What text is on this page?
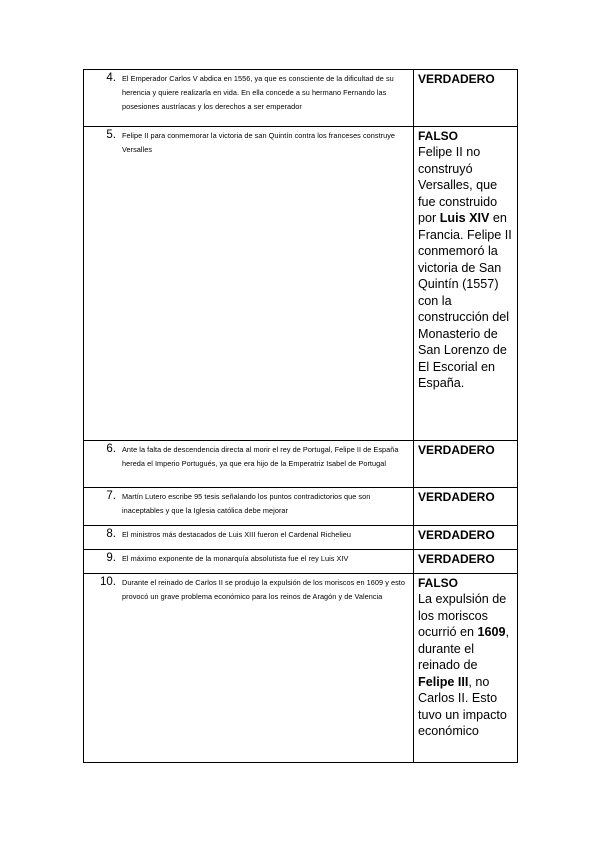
4. El Emperador Carlos V abdica en 1556, ya que es consciente de la dificultad de su herencia y quiere realizarla en vida. En ella concede a su hermano Fernando las posesiones austríacas y los derechos a ser emperador	VERDADERO

5. Felipe II para conmemorar la victoria de san Quintín contra los franceses construye Versalles	FALSO
Felipe II no construyó Versalles, que fue construido por Luis XIV en Francia. Felipe II conmemoró la victoria de San Quintín (1557) con la construcción del Monasterio de San Lorenzo de El Escorial en España.

6. Ante la falta de descendencia directa al morir el rey de Portugal, Felipe II de España hereda el Imperio Portugués, ya que era hijo de la Emperatriz Isabel de Portugal	VERDADERO

7. Martín Lutero escribe 95 tesis señalando los puntos contradictorios que son inaceptables y que la Iglesia católica debe mejorar	VERDADERO

8. El ministros más destacados de Luis XIII fueron el Cardenal Richelieu	VERDADERO

9. El máximo exponente de la monarquía absolutista fue el rey Luis XIV	VERDADERO

10. Durante el reinado de Carlos II se produjo la expulsión de los moriscos en 1609 y esto provocó un grave problema económico para los reinos de Aragón y de Valencia	FALSO
La expulsión de los moriscos ocurrió en 1609, durante el reinado de Felipe III, no Carlos II. Esto tuvo un impacto económico
